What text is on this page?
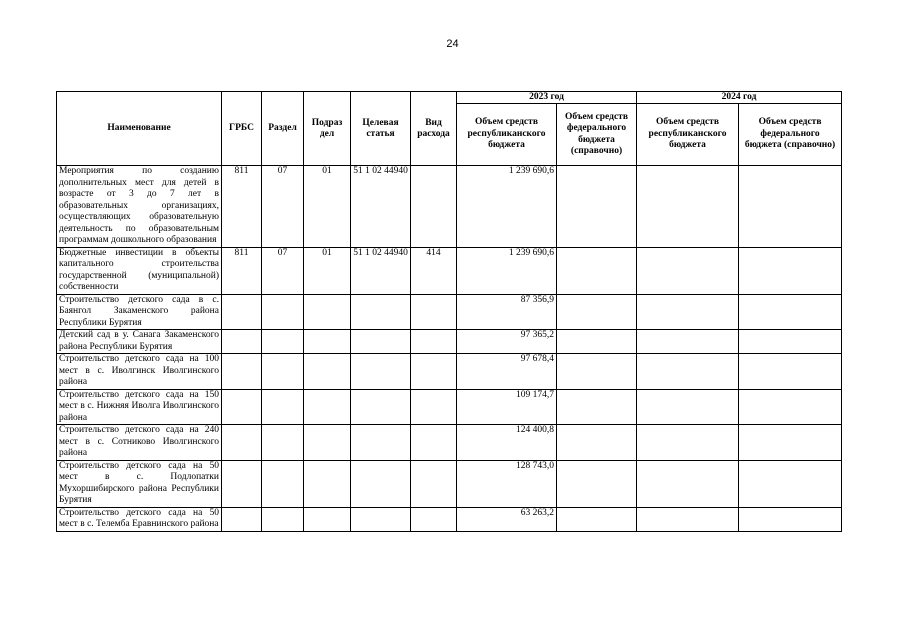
24
Наименование	ГРБС	Раздел	Подраз дел	Целевая статья	Вид расхода	2023 год		2024 год	
						Объем средств республиканского бюджета	Объем средств федерального бюджета (справочно)	Объем средств республиканского бюджета	Объем средств федерального бюджета (справочно)
Мероприятия по созданию дополнительных мест для детей в возрасте от 3 до 7 лет в образовательных организациях, осуществляющих образовательную деятельность по образовательным программам дошкольного образования	811	07	01	51 1 02 44940		1 239 690,6			
Бюджетные инвестиции в объекты капитального строительства государственной (муниципальной) собственности	811	07	01	51 1 02 44940	414	1 239 690,6			
Строительство детского сада в с. Баянгол Закаменского района Республики Бурятия						87 356,9			
Детский сад в у. Санага Закаменского района Республики Бурятия						97 365,2			
Строительство детского сада на 100 мест в с. Иволгинск Иволгинского района						97 678,4			
Строительство детского сада на 150 мест в с. Нижняя Иволга Иволгинского района						109 174,7			
Строительство детского сада на 240 мест в с. Сотниково Иволгинского района						124 400,8			
Строительство детского сада на 50 мест в с. Подлопатки Мухоршибирского района Республики Бурятия						128 743,0			
Строительство детского сада на 50 мест в с. Телемба Еравнинского района						63 263,2			
